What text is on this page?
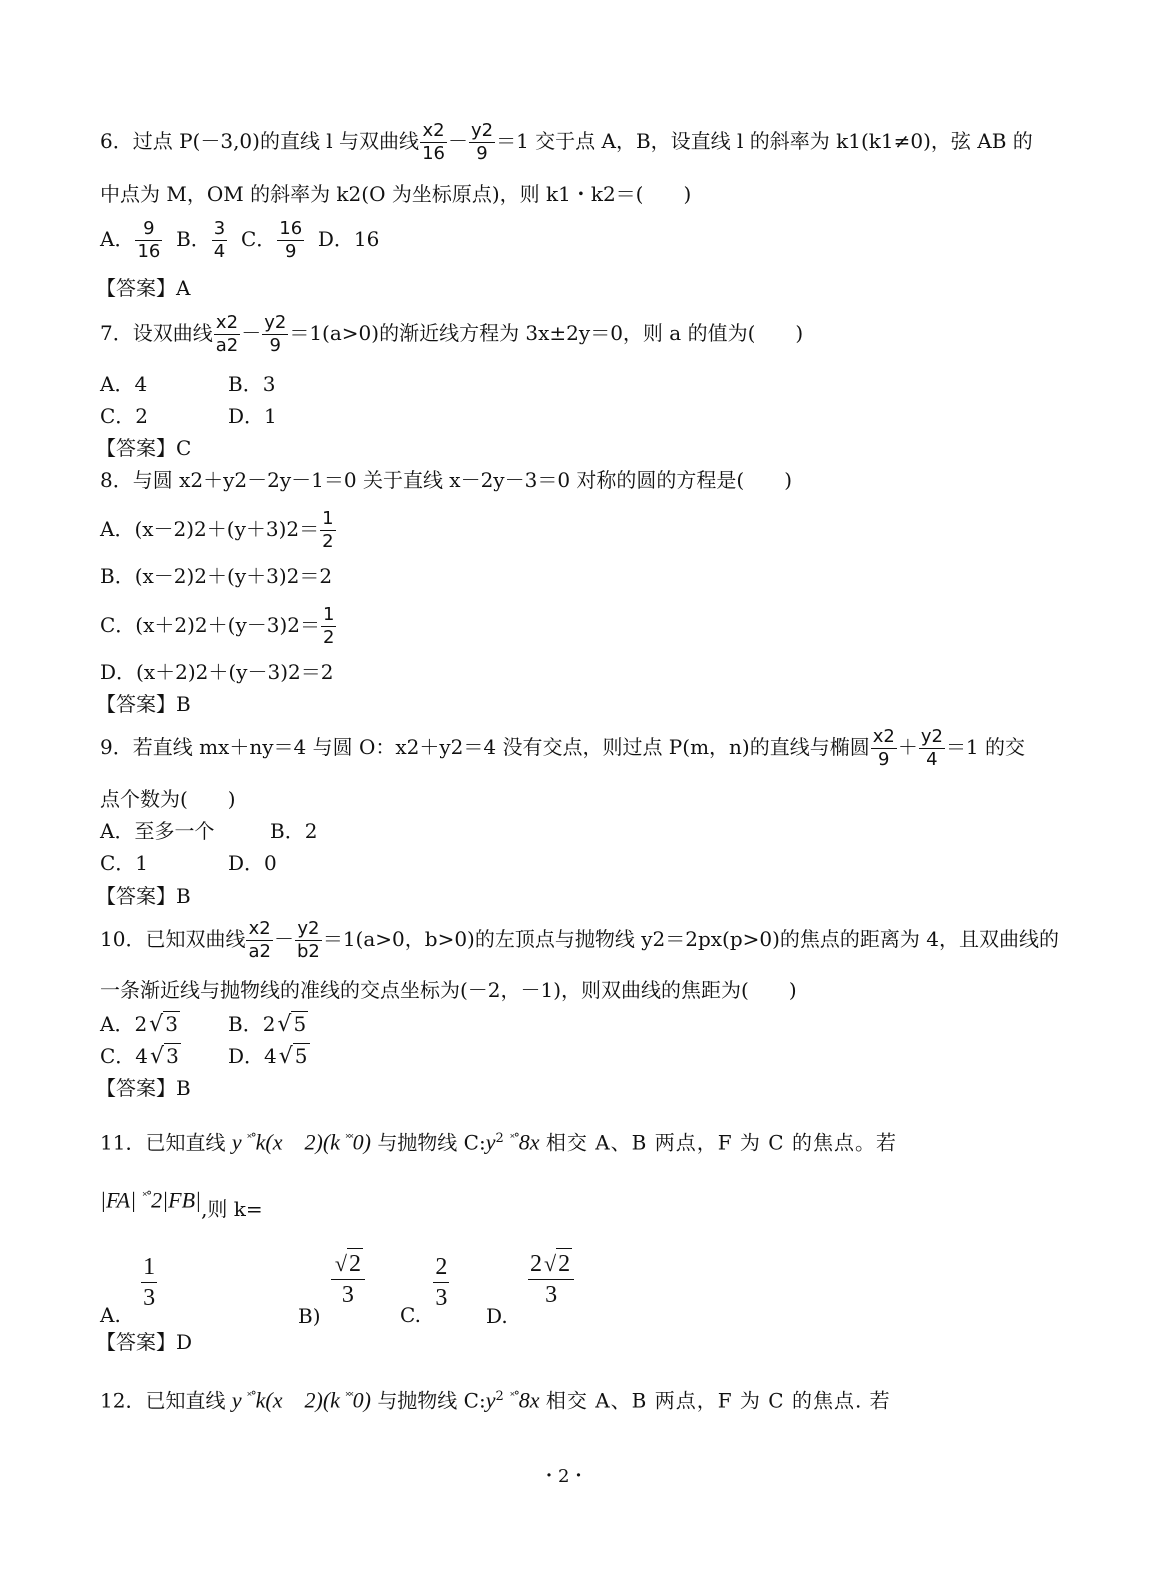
6．过点 P(－3,0)的直线 l 与双曲线 $\frac{x2}{16} - \frac{y2}{9} =1$ 交于点 A，B，设直线 l 的斜率为 k1(k1≠0)，弦 AB 的
中点为 M，OM 的斜率为 k2(O 为坐标原点)，则 k1・k2＝(　　)
A． $\frac{9}{16}$ B． $\frac{3}{4}$ C． $\frac{16}{9}$ D．16
【答案】A
7．设双曲线 $\frac{x2}{a2} - \frac{y2}{9} =1(a>0)$的渐近线方程为 3x±2y＝0，则 a 的值为(　　)
A．4	B．3
C．2	D．1
【答案】C
8．与圆 x2＋y2－2y－1＝0 关于直线 x－2y－3＝0 对称的圆的方程是(　　)
A．$(x-2)2+(y+3)2= \frac{1}{2}$
B．(x－2)2＋(y＋3)2＝2
C．$(x+2)2+(y-3)2= \frac{1}{2}$
D．(x＋2)2＋(y－3)2＝2
【答案】B
9．若直线 mx＋ny＝4 与圆 O：x2＋y2＝4 没有交点，则过点 P(m，n)的直线与椭圆 $\frac{x2}{9} + \frac{y2}{4} =1$ 的交
点个数为(　　)
A．至多一个	B．2
C．1	D．0
【答案】B
10．已知双曲线 $\frac{x2}{a2} - \frac{y2}{b2} =1(a>0$，b>0)的左顶点与抛物线 y2＝2px(p>0)的焦点的距离为 4，且双曲线的
一条渐近线与抛物线的准线的交点坐标为(－2，－1)，则双曲线的焦距为(　　)
A．2√ 3	B．2√ 5
C．4√ 3 D．4√ 5
【答案】B
11．已知直线 y ˟°k(x　2)(k ˟˟0) 与抛物线 $C:y^2$ ˟°8x 相交 A、B 两点，F 为 C 的焦点。若
|FA| ˟°2|FB|,则 k=
A.
$\frac{1}{3}$
B)
$\frac{√2}{3}$
C.
$\frac{2}{3}$
D.
$\frac{2√2}{3}$
【答案】D
12．已知直线 y ˟°k(x　2)(k ˟˟0) 与抛物线 $C:y^2$ ˟°8x 相交 A、B 两点，F 为 C 的焦点. 若
・2・
